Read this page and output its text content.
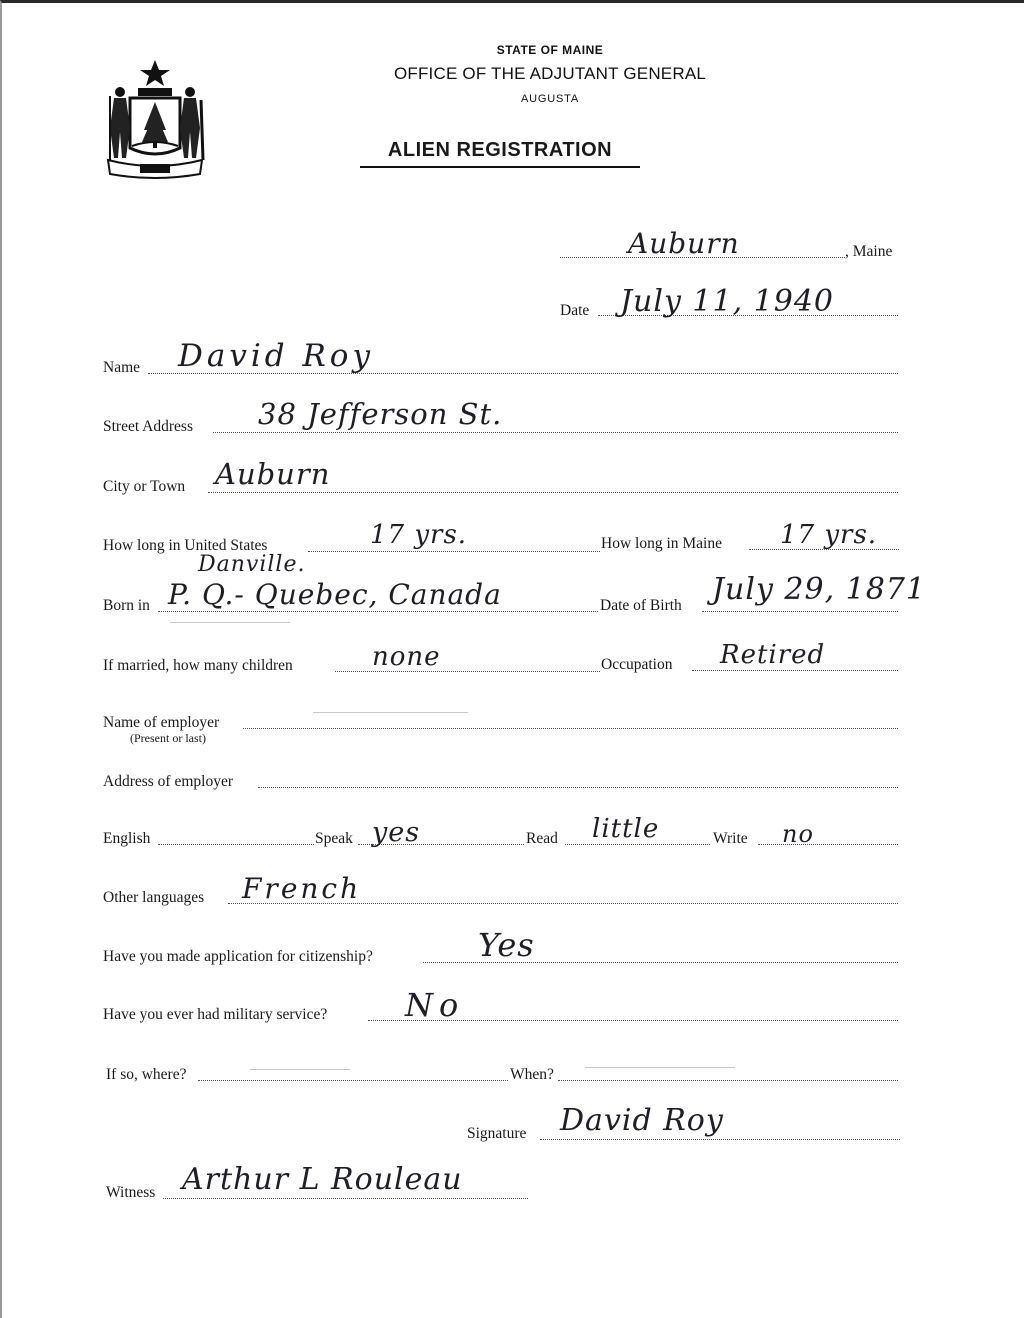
STATE OF MAINE
OFFICE OF THE ADJUTANT GENERAL
AUGUSTA
ALIEN REGISTRATION
Auburn	, Maine
Date July 11, 1940
Name David Roy
Street Address 38 Jefferson St.
City or Town Auburn
How long in United States	17 yrs.	How long in Maine 17 yrs.
Danville.
Born in P. Q.- Quebec, Canada	Date of Birth July 29, 1871
If married, how many children	none	Occupation Retired
Name of employer
(Present or last)
Address of employer
English	Speak yes	Read little	Write no
Other languages French
Have you made application for citizenship?	Yes
Have you ever had military service? No
If so, where?	When?
Signature David Roy
Witness Arthur L Rouleau
